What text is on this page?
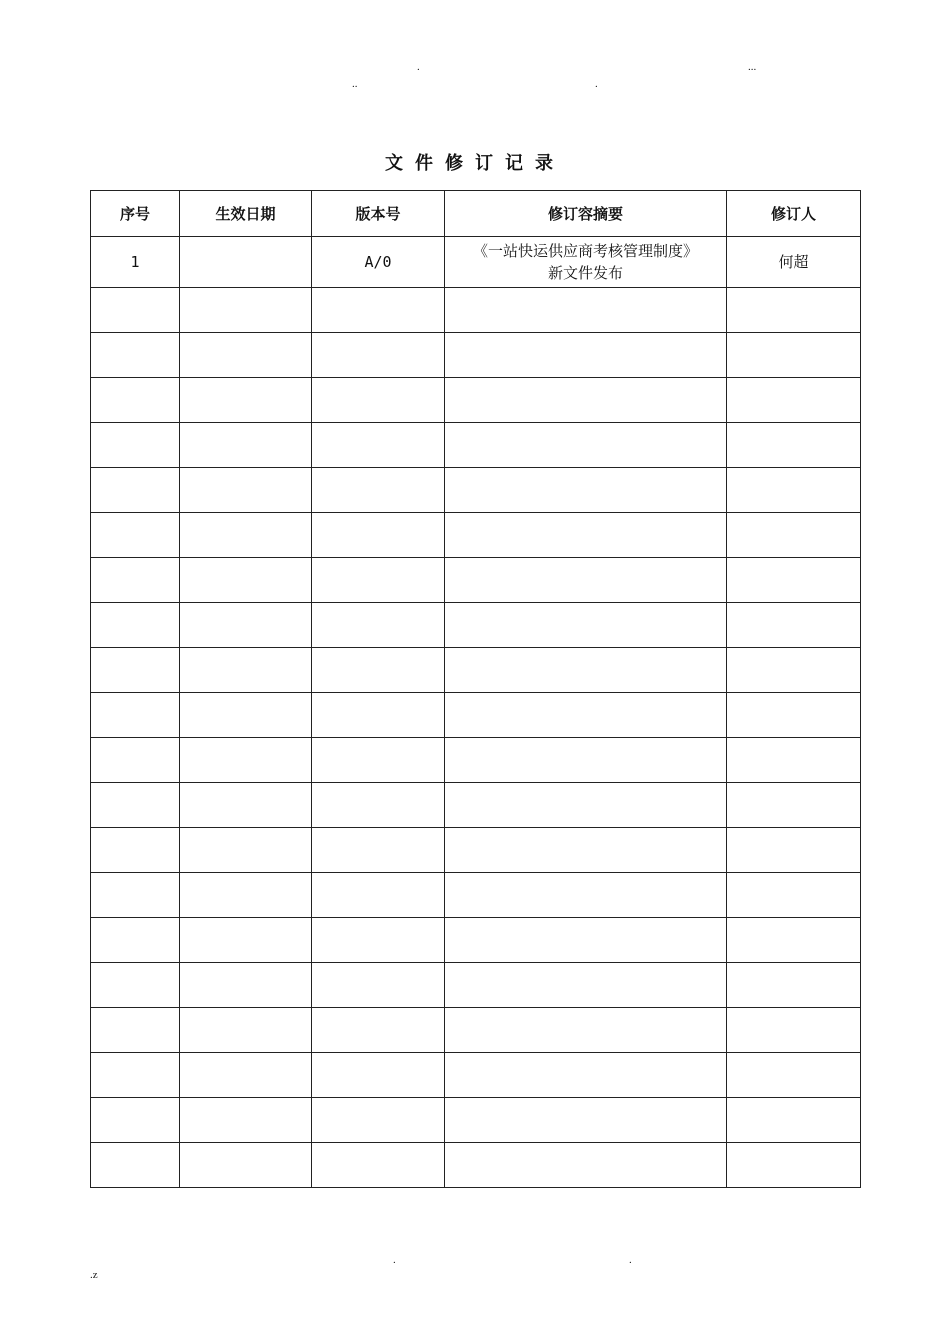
.	...
..	.
文件修订记录
序号	生效日期	版本号	修订容摘要	修订人
1		A/0	《一站快运供应商考核管理制度》
新文件发布	何超

.	.
.z
